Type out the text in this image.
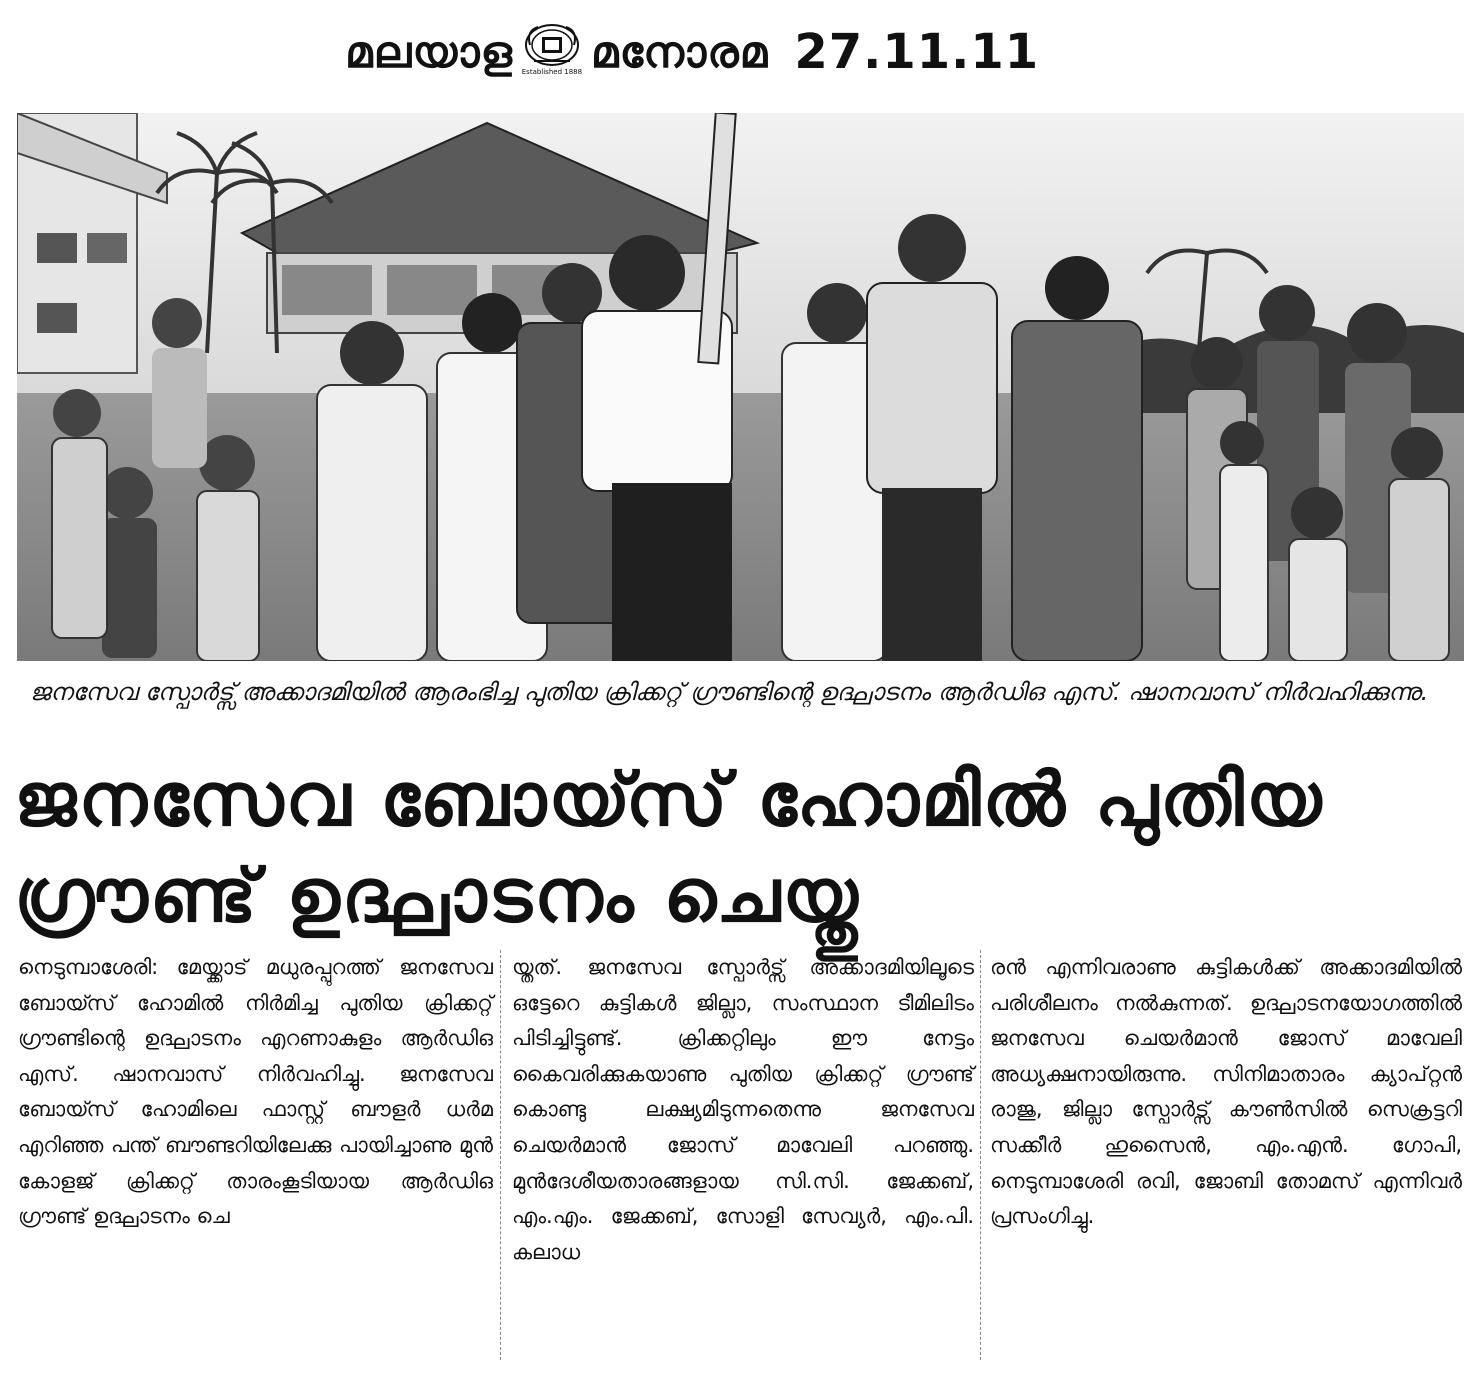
മലയാള Established 1888 മനോരമ 27.11.11
ജനസേവ സ്പോർട്സ് അക്കാദമിയിൽ ആരംഭിച്ച പുതിയ ക്രിക്കറ്റ് ഗ്രൗണ്ടിന്റെ ഉദ്ഘാടനം ആർഡിഒ എസ്. ഷാനവാസ് നിർവഹിക്കുന്നു.
ജനസേവ ബോയ്സ് ഹോമിൽ പുതിയ
ഗ്രൗണ്ട് ഉദ്ഘാടനം ചെയ്തു
നെടുമ്പാശേരി: മേയ്ക്കാട് മധുരപ്പുറത്ത് ജനസേവ ബോയ്സ് ഹോമിൽ നിർമിച്ച പുതിയ ക്രിക്കറ്റ് ഗ്രൗണ്ടിന്റെ ഉദ്ഘാടനം എറണാകുളം ആർഡിഒ എസ്. ഷാനവാസ് നിർവഹിച്ചു. ജനസേവ ബോയ്സ് ഹോമിലെ ഫാസ്റ്റ് ബൗളർ ധർമ എറിഞ്ഞ പന്ത് ബൗണ്ടറിയിലേക്കു പായിച്ചാണു മുൻ കോളജ് ക്രിക്കറ്റ് താരംകൂടിയായ ആർഡിഒ ഗ്രൗണ്ട് ഉദ്ഘാടനം ചെ
യ്തത്. ജനസേവ സ്പോർട്സ് അക്കാദമിയിലൂടെ ഒട്ടേറെ കുട്ടികൾ ജില്ലാ, സംസ്ഥാന ടീമിലിടം പിടിച്ചിട്ടുണ്ട്. ക്രിക്കറ്റിലും ഈ നേട്ടം കൈവരിക്കുകയാണു പുതിയ ക്രിക്കറ്റ് ഗ്രൗണ്ട് കൊണ്ടു ലക്ഷ്യമിടുന്നതെന്നു ജനസേവ ചെയർമാൻ ജോസ് മാവേലി പറഞ്ഞു. മുൻദേശീയതാരങ്ങളായ സി.സി. ജേക്കബ്, എം.എം. ജേക്കബ്, സോളി സേവ്യർ, എം.പി. കലാധ
രൻ എന്നിവരാണു കുട്ടികൾക്ക് അക്കാദമിയിൽ പരിശീലനം നൽകുന്നത്. ഉദ്ഘാടനയോഗത്തിൽ ജനസേവ ചെയർമാൻ ജോസ് മാവേലി അധ്യക്ഷനായിരുന്നു. സിനിമാതാരം ക്യാപ്റ്റൻ രാജു, ജില്ലാ സ്പോർട്സ് കൗൺസിൽ സെക്രട്ടറി സക്കീർ ഹുസൈൻ, എം.എൻ. ഗോപി, നെടുമ്പാശേരി രവി, ജോബി തോമസ് എന്നിവർ പ്രസംഗിച്ചു.
